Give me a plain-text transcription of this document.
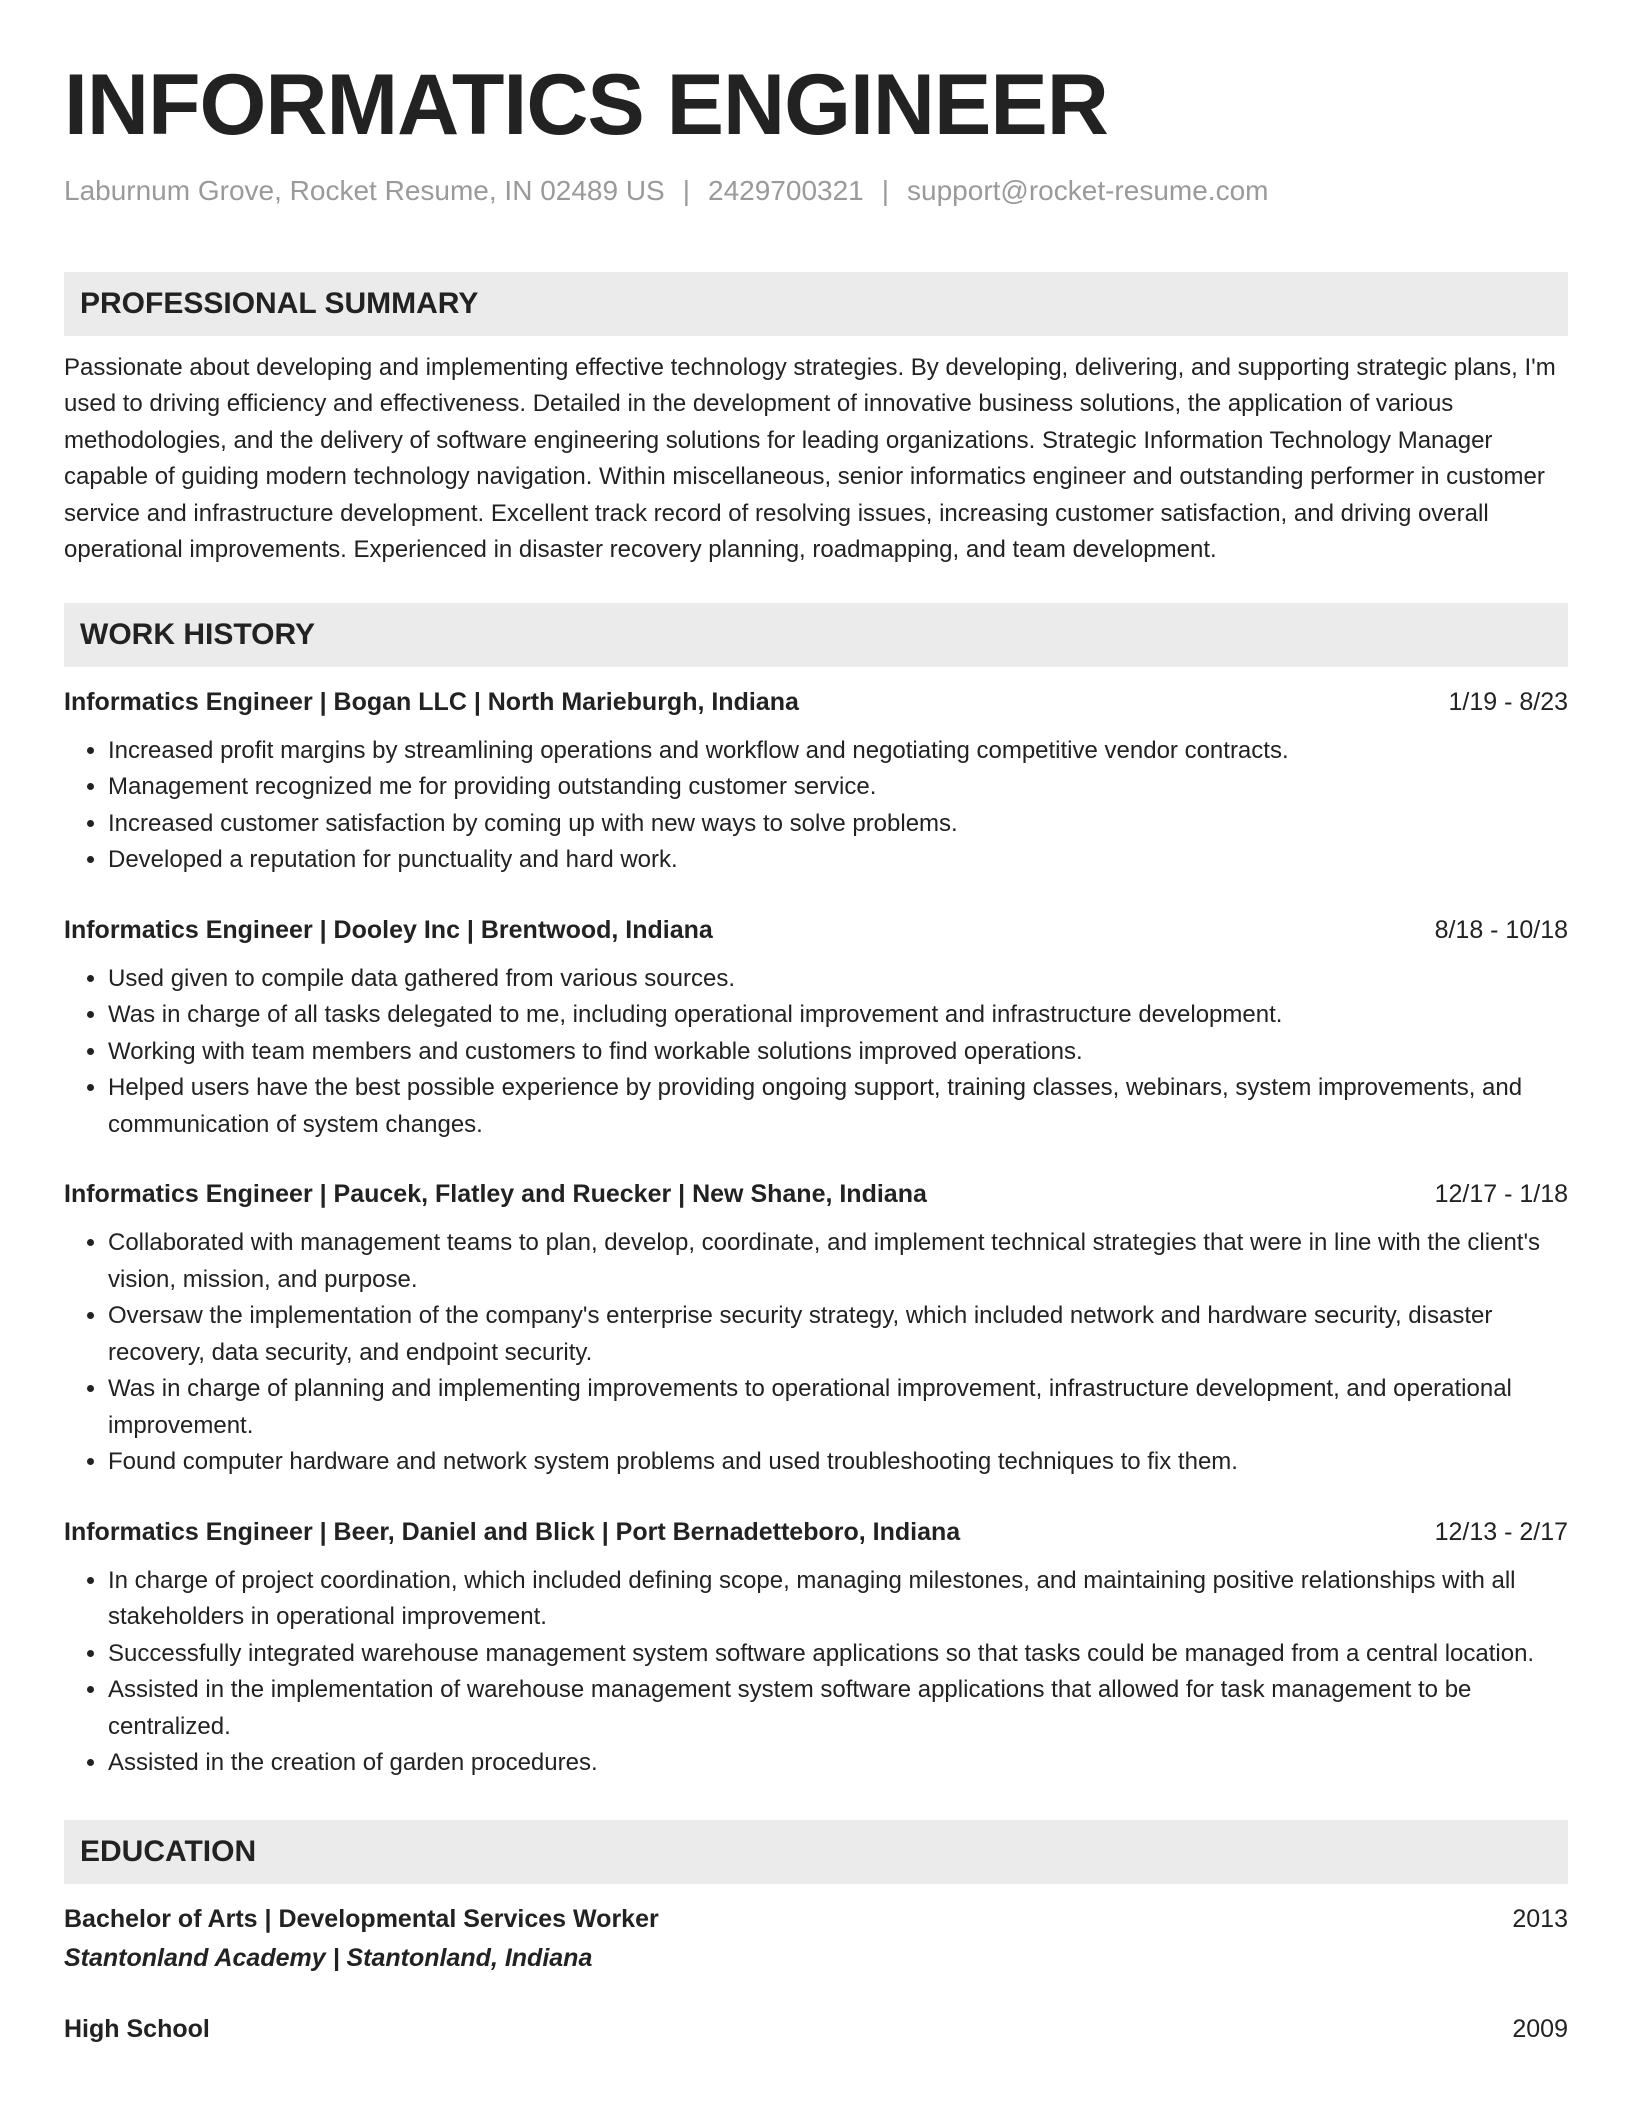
INFORMATICS ENGINEER
Laburnum Grove, Rocket Resume, IN 02489 US | 2429700321 | support@rocket-resume.com
PROFESSIONAL SUMMARY

Passionate about developing and implementing effective technology strategies. By developing, delivering, and supporting strategic plans, I'm used to driving efficiency and effectiveness. Detailed in the development of innovative business solutions, the application of various methodologies, and the delivery of software engineering solutions for leading organizations. Strategic Information Technology Manager capable of guiding modern technology navigation. Within miscellaneous, senior informatics engineer and outstanding performer in customer service and infrastructure development. Excellent track record of resolving issues, increasing customer satisfaction, and driving overall operational improvements. Experienced in disaster recovery planning, roadmapping, and team development.

WORK HISTORY
Informatics Engineer | Bogan LLC | North Marieburgh, Indiana	1/19 - 8/23
• Increased profit margins by streamlining operations and workflow and negotiating competitive vendor contracts.
• Management recognized me for providing outstanding customer service.
• Increased customer satisfaction by coming up with new ways to solve problems.
• Developed a reputation for punctuality and hard work.
Informatics Engineer | Dooley Inc | Brentwood, Indiana	8/18 - 10/18
• Used given to compile data gathered from various sources.
• Was in charge of all tasks delegated to me, including operational improvement and infrastructure development.
• Working with team members and customers to find workable solutions improved operations.
• Helped users have the best possible experience by providing ongoing support, training classes, webinars, system improvements, and communication of system changes.
Informatics Engineer | Paucek, Flatley and Ruecker | New Shane, Indiana	12/17 - 1/18
• Collaborated with management teams to plan, develop, coordinate, and implement technical strategies that were in line with the client's vision, mission, and purpose.
• Oversaw the implementation of the company's enterprise security strategy, which included network and hardware security, disaster recovery, data security, and endpoint security.
• Was in charge of planning and implementing improvements to operational improvement, infrastructure development, and operational improvement.
• Found computer hardware and network system problems and used troubleshooting techniques to fix them.
Informatics Engineer | Beer, Daniel and Blick | Port Bernadetteboro, Indiana	12/13 - 2/17
• In charge of project coordination, which included defining scope, managing milestones, and maintaining positive relationships with all stakeholders in operational improvement.
• Successfully integrated warehouse management system software applications so that tasks could be managed from a central location.
• Assisted in the implementation of warehouse management system software applications that allowed for task management to be centralized.
• Assisted in the creation of garden procedures.
EDUCATION
Bachelor of Arts | Developmental Services Worker	2013
Stantonland Academy | Stantonland, Indiana
High School	2009
